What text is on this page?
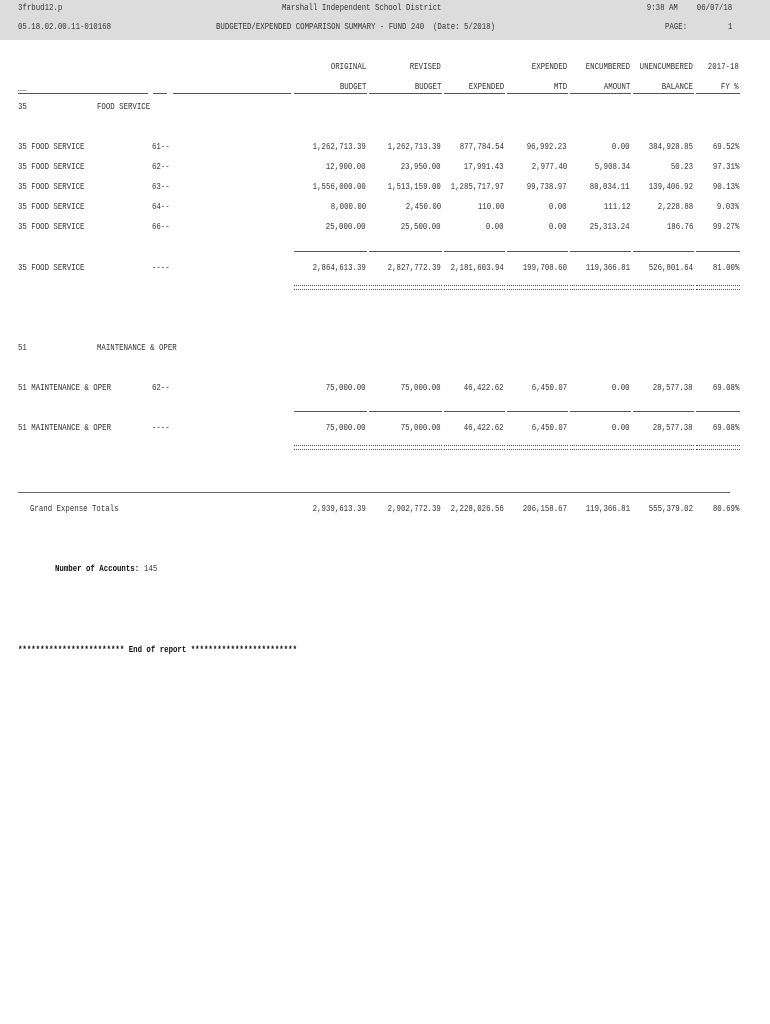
3frbud12.p	Marshall Independent School District	9:38 AM 06/07/18
05.18.02.00.11-010168	BUDGETED/EXPENDED COMPARISON SUMMARY - FUND 240  (Date: 5/2018)	PAGE:	1
ORIGINAL	REVISED	EXPENDED ENCUMBERED UNENCUMBERED 2017-18
BUDGET	BUDGET	EXPENDED	MTD	AMOUNT	BALANCE	FY %
__
35	FOOD SERVICE
35 FOOD SERVICE	61--	1,262,713.39 1,262,713.39 877,784.54	96,992.23	0.00 384,928.85 69.52%
35 FOOD SERVICE	62--	12,900.00	23,950.00	17,991.43	2,977.40	5,908.34	50.23 97.31%
35 FOOD SERVICE	63--	1,556,000.00 1,513,159.00 1,285,717.97	99,738.97	88,034.11 139,406.92 90.13%
35 FOOD SERVICE	64--	8,000.00	2,450.00	110.00	0.00	111.12	2,228.88	9.03%
35 FOOD SERVICE	66--	25,000.00	25,500.00	0.00	0.00	25,313.24	186.76 99.27%
35 FOOD SERVICE	----	2,864,613.39 2,827,772.39 2,181,603.94 199,708.60 119,366.81 526,801.64 81.00%
51	MAINTENANCE & OPER
51 MAINTENANCE & OPER	62--	75,000.00	75,000.00	46,422.62	6,450.07	0.00	28,577.38 69.08%
51 MAINTENANCE & OPER	----	75,000.00	75,000.00	46,422.62	6,450.07	0.00	28,577.38 69.08%
Grand Expense Totals	2,939,613.39 2,902,772.39 2,228,026.56 206,158.67 119,366.81 555,379.02 80.69%
Number of Accounts: 145
************************ End of report ************************
